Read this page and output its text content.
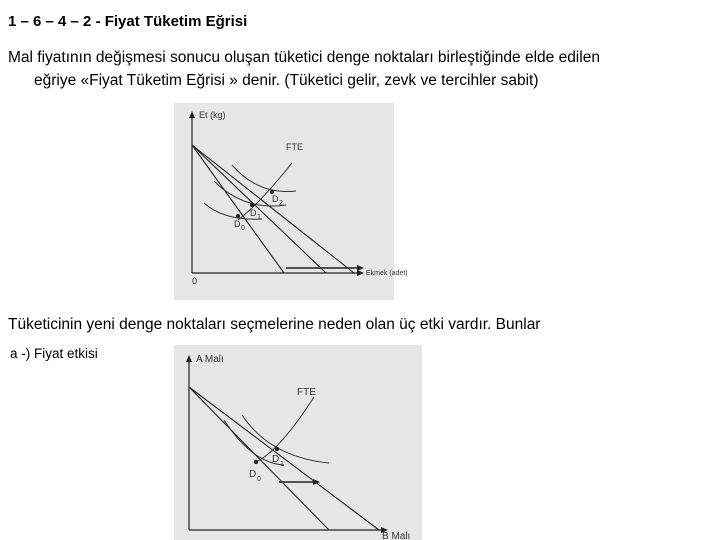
1 – 6 – 4 – 2 - Fiyat Tüketim Eğrisi
Mal fiyatının değişmesi sonucu oluşan tüketici denge noktaları birleştiğinde elde edilen
eğriye «Fiyat Tüketim Eğrisi » denir. (Tüketici gelir, zevk ve tercihler sabit)
Et (kg)
Ekmek (adet)
0
FTE
D 0
D 1
D 2
Tüketicinin yeni denge noktaları seçmelerine neden olan üç etki vardır. Bunlar
a -) Fiyat etkisi	A Malı
B Malı
FTE
D 0
D 1
